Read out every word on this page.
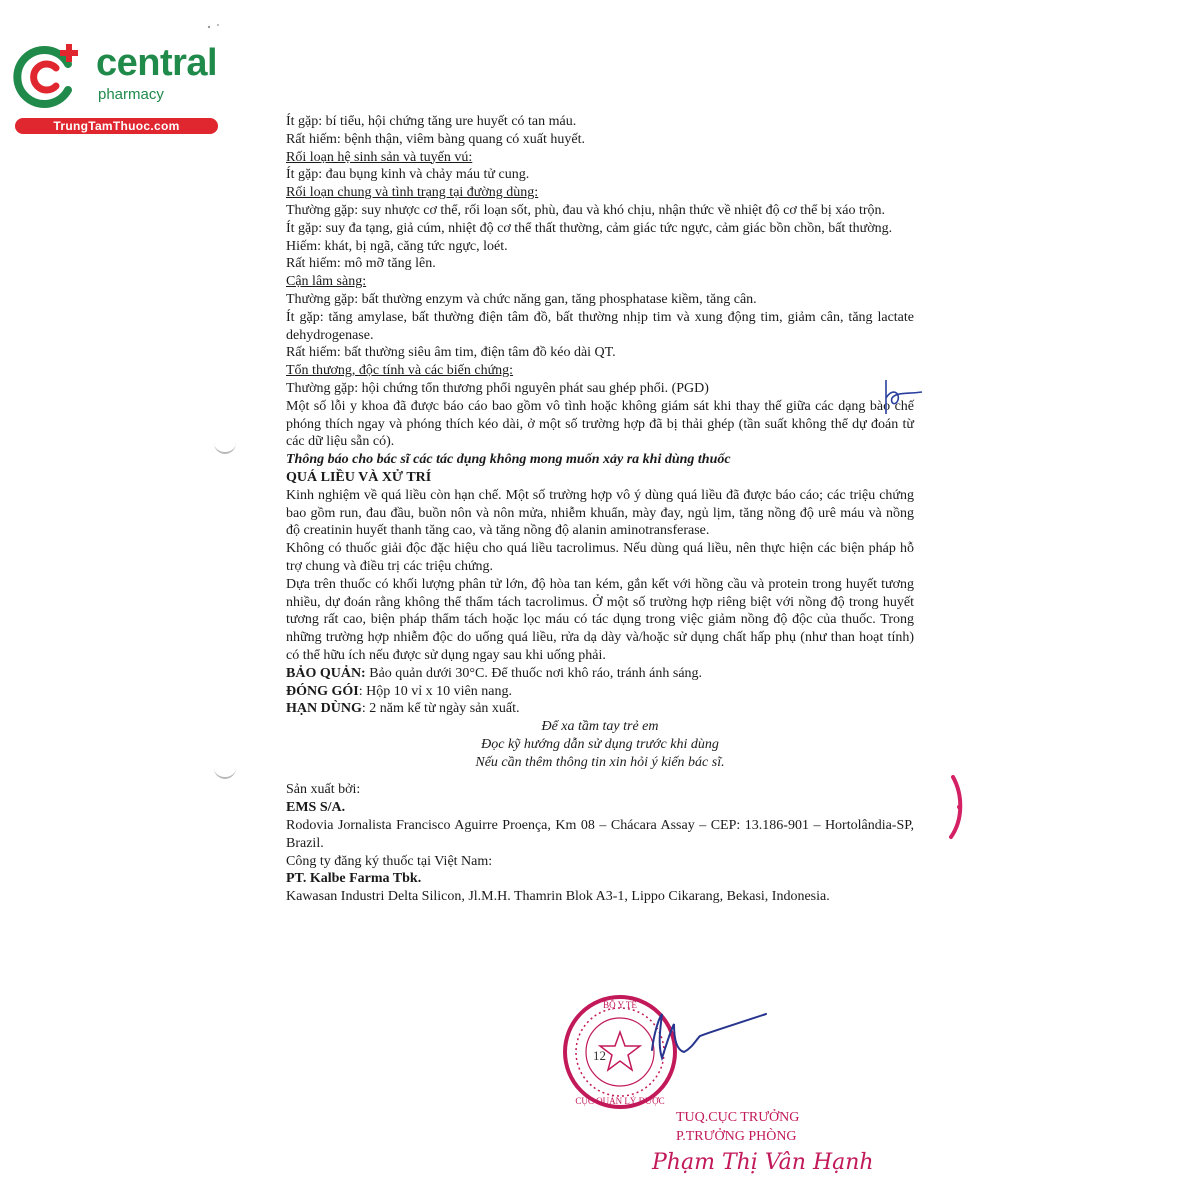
central
pharmacy
TrungTamThuoc.com	Ít gặp: bí tiểu, hội chứng tăng ure huyết có tan máu.
Rất hiếm: bệnh thận, viêm bàng quang có xuất huyết.
Rối loạn hệ sinh sản và tuyến vú:
Ít gặp: đau bụng kinh và chảy máu tử cung.
Rối loạn chung và tình trạng tại đường dùng:
Thường gặp: suy nhược cơ thể, rối loạn sốt, phù, đau và khó chịu, nhận thức về nhiệt độ cơ thể bị xáo trộn.
Ít gặp: suy đa tạng, giả cúm, nhiệt độ cơ thể thất thường, cảm giác tức ngực, cảm giác bồn chồn, bất thường.
Hiếm: khát, bị ngã, căng tức ngực, loét.
Rất hiếm: mô mỡ tăng lên.
Cận lâm sàng:
Thường gặp: bất thường enzym và chức năng gan, tăng phosphatase kiềm, tăng cân.
Ít gặp: tăng amylase, bất thường điện tâm đồ, bất thường nhịp tim và xung động tim, giảm cân, tăng lactate dehydrogenase.
Rất hiếm: bất thường siêu âm tim, điện tâm đồ kéo dài QT.
Tổn thương, độc tính và các biến chứng:
Thường gặp: hội chứng tổn thương phổi nguyên phát sau ghép phổi. (PGD)
Một số lỗi y khoa đã được báo cáo bao gồm vô tình hoặc không giám sát khi thay thế giữa các dạng bào chế phóng thích ngay và phóng thích kéo dài, ở một số trường hợp đã bị thải ghép (tần suất không thể dự đoán từ các dữ liệu sẵn có).
Thông báo cho bác sĩ các tác dụng không mong muốn xảy ra khi dùng thuốc
QUÁ LIỀU VÀ XỬ TRÍ
Kinh nghiệm về quá liều còn hạn chế. Một số trường hợp vô ý dùng quá liều đã được báo cáo; các triệu chứng bao gồm run, đau đầu, buồn nôn và nôn mửa, nhiễm khuẩn, mày đay, ngủ lịm, tăng nồng độ urê máu và nồng độ creatinin huyết thanh tăng cao, và tăng nồng độ alanin aminotransferase.
Không có thuốc giải độc đặc hiệu cho quá liều tacrolimus. Nếu dùng quá liều, nên thực hiện các biện pháp hỗ trợ chung và điều trị các triệu chứng.
Dựa trên thuốc có khối lượng phân tử lớn, độ hòa tan kém, gắn kết với hồng cầu và protein trong huyết tương nhiều, dự đoán rằng không thể thẩm tách tacrolimus. Ở một số trường hợp riêng biệt với nồng độ trong huyết tương rất cao, biện pháp thẩm tách hoặc lọc máu có tác dụng trong việc giảm nồng độ độc của thuốc. Trong những trường hợp nhiễm độc do uống quá liều, rửa dạ dày và/hoặc sử dụng chất hấp phụ (như than hoạt tính) có thể hữu ích nếu được sử dụng ngay sau khi uống phải.
BẢO QUẢN: Bảo quản dưới 30°C. Để thuốc nơi khô ráo, tránh ánh sáng.
ĐÓNG GÓI: Hộp 10 vỉ x 10 viên nang.
HẠN DÙNG: 2 năm kể từ ngày sản xuất.
Để xa tầm tay trẻ em
Đọc kỹ hướng dẫn sử dụng trước khi dùng
Nếu cần thêm thông tin xin hỏi ý kiến bác sĩ.
Sản xuất bởi:
EMS S/A.
Rodovia Jornalista Francisco Aguirre Proença, Km 08 – Chácara Assay – CEP: 13.186-901 – Hortolândia-SP, Brazil.
Công ty đăng ký thuốc tại Việt Nam:
PT. Kalbe Farma Tbk.
Kawasan Industri Delta Silicon, Jl.M.H. Thamrin Blok A3-1, Lippo Cikarang, Bekasi, Indonesia.
BỘ Y TẾ
CỤC QUẢN LÝ DƯỢC
12
TUQ.CỤC TRƯỞNG
P.TRƯỞNG PHÒNG
Phạm Thị Vân Hạnh
